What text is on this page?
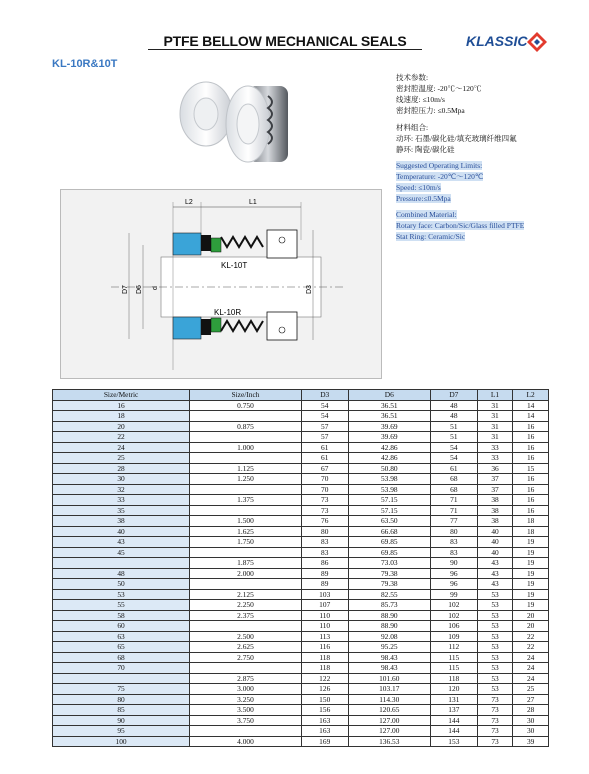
PTFE BELLOW MECHANICAL SEALS	KLASSIC
KL-10R&10T
技术参数:
密封腔温度: -20℃～120℃
线速度: ≤10m/s
密封腔压力: ≤0.5Mpa
材料组合:
动环: 石墨/碳化硅/填充玻璃纤维四氟
静环: 陶瓷/碳化硅
Suggested Operating Limits:
Temperature: -20℃～120℃
Speed: ≤10m/s
Pressure:≤0.5Mpa
Combined Material:
Rotary face: Carbon/Sic/Glass filled PTFE
Stat Ring: Ceramic/Sic
L2	L1
KL-10T
KL-10R
D7 D6 d	D3
Size/Metric	Size/Inch	D3	D6	D7	L1	L2
16	0.750	54	36.51	48	31	14
18		54	36.51	48	31	14
20	0.875	57	39.69	51	31	16
22		57	39.69	51	31	16
24	1.000	61	42.86	54	33	16
25		61	42.86	54	33	16
28	1.125	67	50.80	61	36	15
30	1.250	70	53.98	68	37	16
32		70	53.98	68	37	16
33	1.375	73	57.15	71	38	16
35		73	57.15	71	38	16
38	1.500	76	63.50	77	38	18
40	1.625	80	66.68	80	40	18
43	1.750	83	69.85	83	40	19
45		83	69.85	83	40	19
	1.875	86	73.03	90	43	19
48	2.000	89	79.38	96	43	19
50		89	79.38	96	43	19
53	2.125	103	82.55	99	53	19
55	2.250	107	85.73	102	53	19
58	2.375	110	88.90	102	53	20
60		110	88.90	106	53	20
63	2.500	113	92.08	109	53	22
65	2.625	116	95.25	112	53	22
68	2.750	118	98.43	115	53	24
70		118	98.43	115	53	24
	2.875	122	101.60	118	53	24
75	3.000	126	103.17	120	53	25
80	3.250	150	114.30	131	73	27
85	3.500	156	120.65	137	73	28
90	3.750	163	127.00	144	73	30
95		163	127.00	144	73	30
100	4.000	169	136.53	153	73	39
